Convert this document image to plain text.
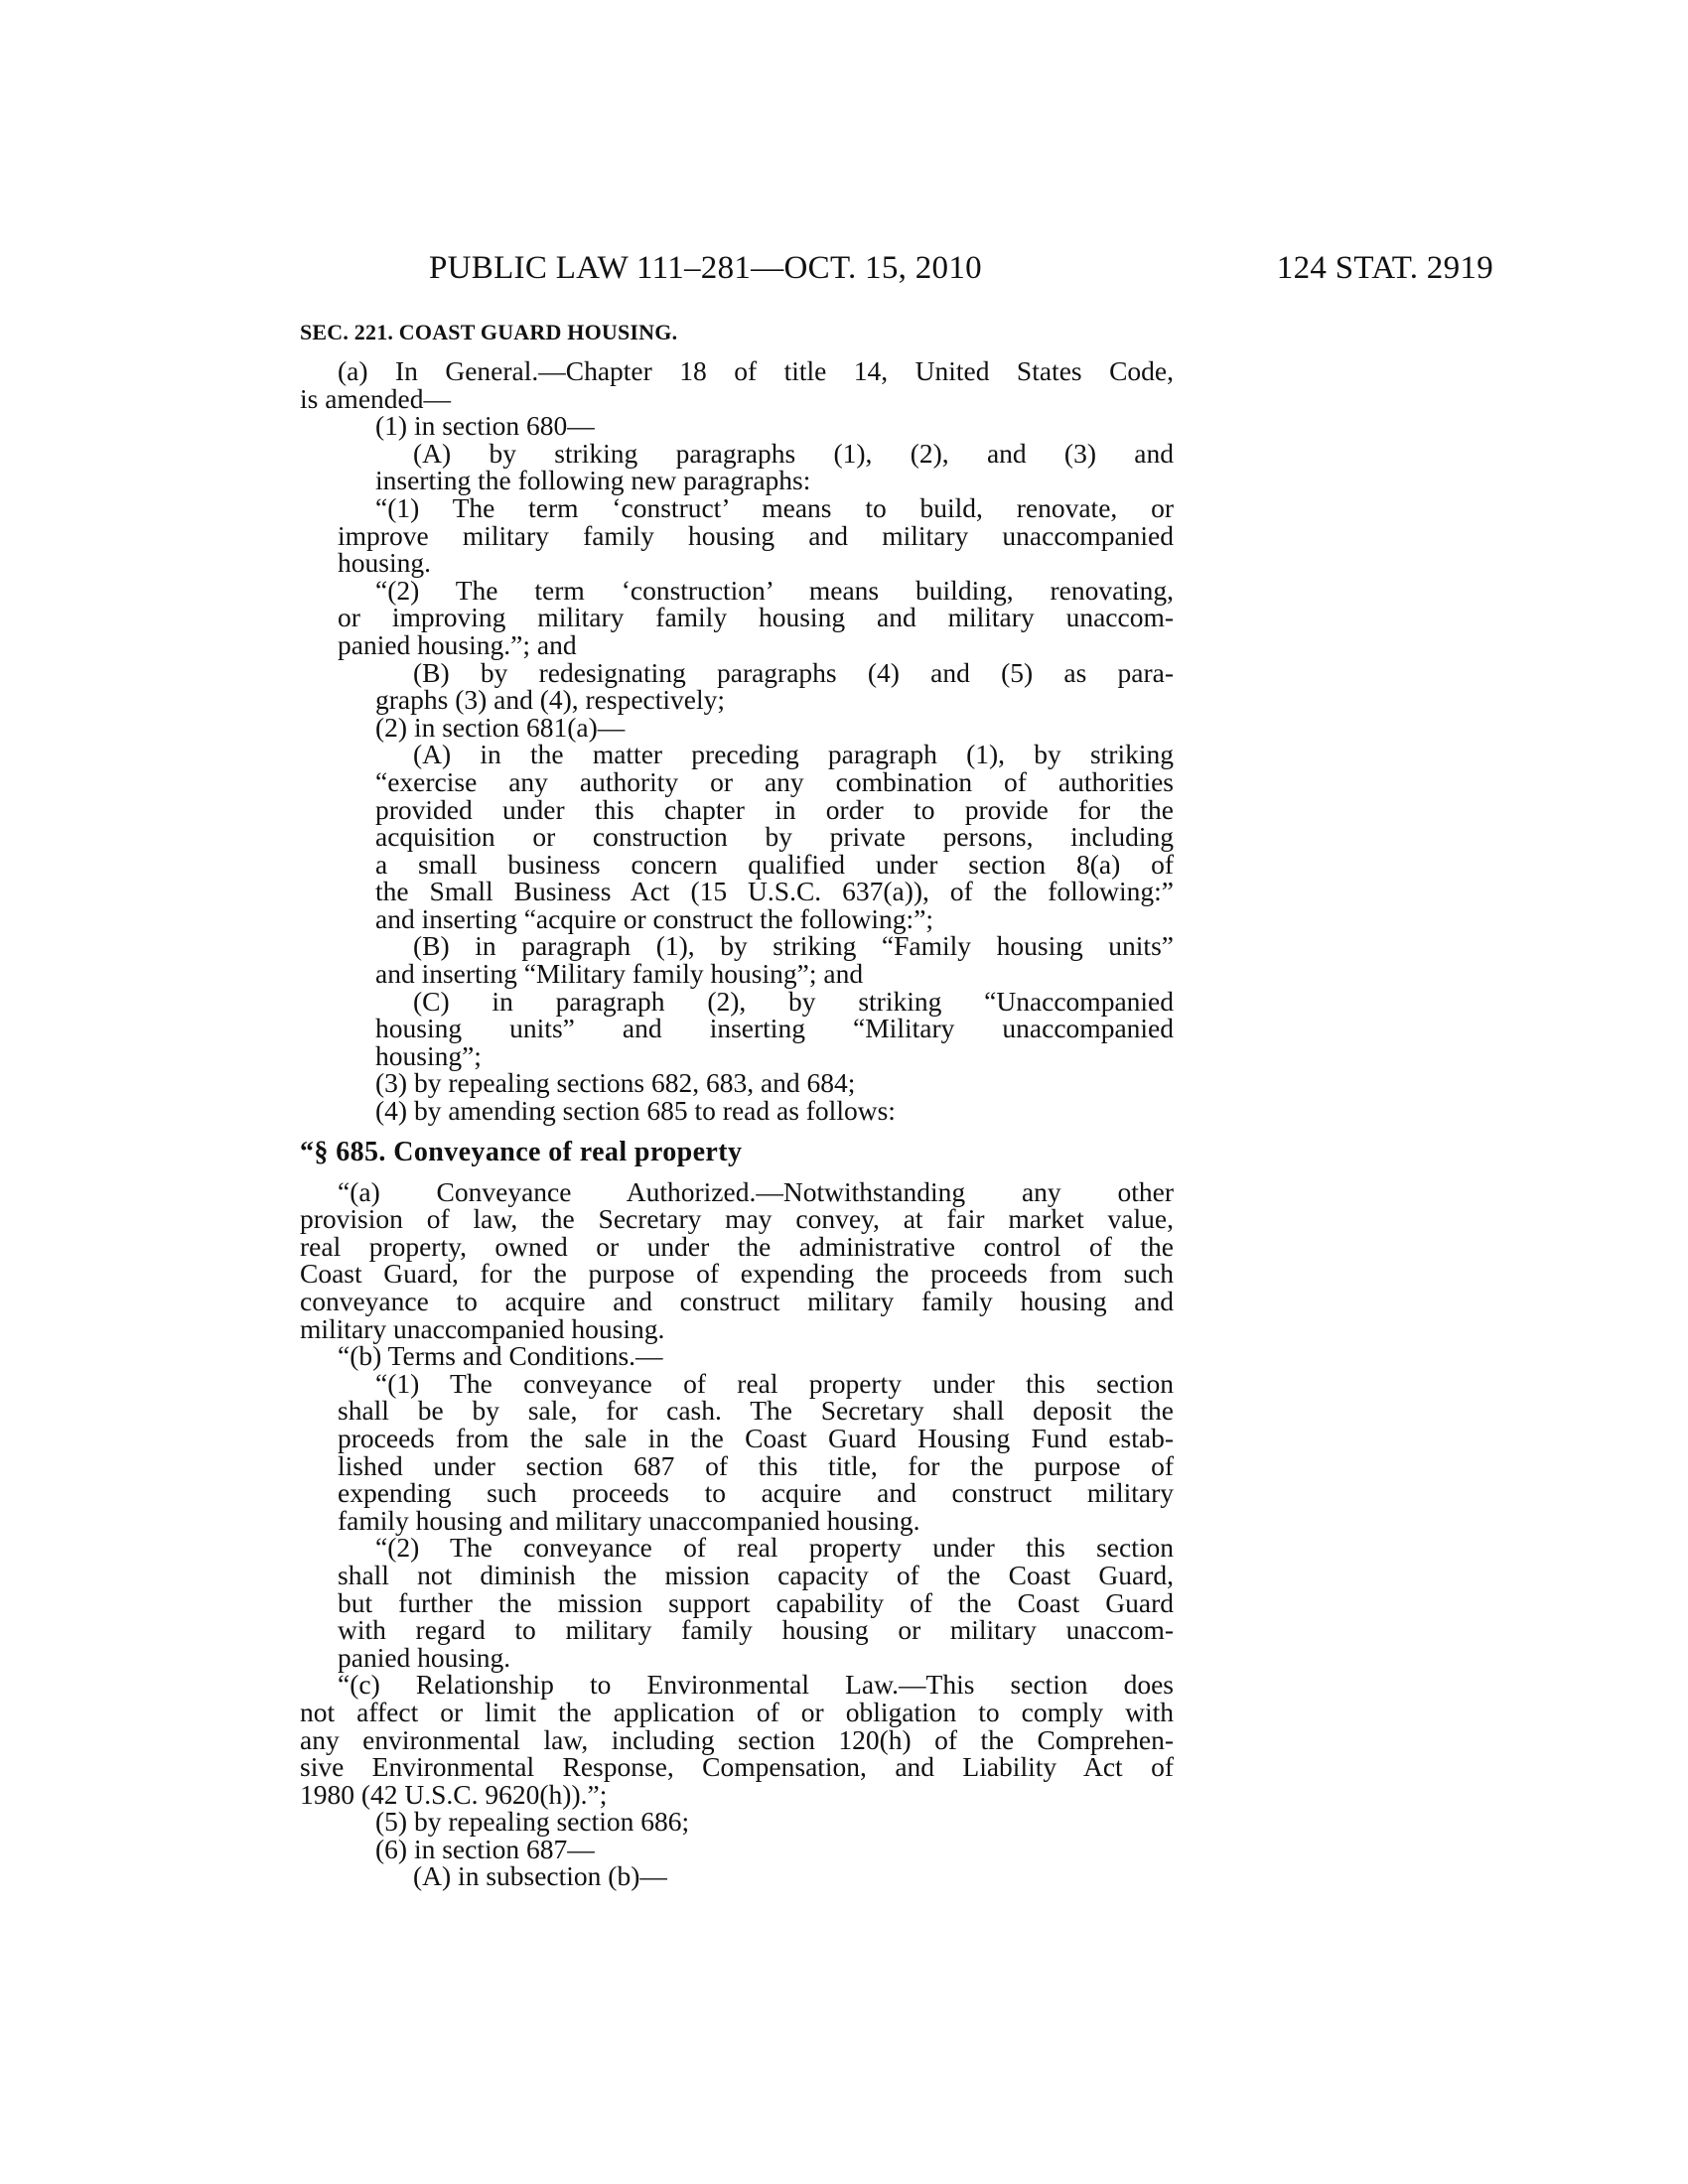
PUBLIC LAW 111–281—OCT. 15, 2010	124 STAT. 2919
SEC. 221. COAST GUARD HOUSING.
(a) In General.—Chapter 18 of title 14, United States Code,
is amended—
(1) in section 680—
(A) by striking paragraphs (1), (2), and (3) and
inserting the following new paragraphs:
“(1) The term ‘construct’ means to build, renovate, or
improve military family housing and military unaccompanied
housing.
“(2) The term ‘construction’ means building, renovating,
or improving military family housing and military unaccom-
panied housing.”; and
(B) by redesignating paragraphs (4) and (5) as para-
graphs (3) and (4), respectively;
(2) in section 681(a)—
(A) in the matter preceding paragraph (1), by striking
“exercise any authority or any combination of authorities
provided under this chapter in order to provide for the
acquisition or construction by private persons, including
a small business concern qualified under section 8(a) of
the Small Business Act (15 U.S.C. 637(a)), of the following:”
and inserting “acquire or construct the following:”;
(B) in paragraph (1), by striking “Family housing units”
and inserting “Military family housing”; and
(C) in paragraph (2), by striking “Unaccompanied
housing units” and inserting “Military unaccompanied
housing”;
(3) by repealing sections 682, 683, and 684;
(4) by amending section 685 to read as follows:
“§ 685. Conveyance of real property
“(a) Conveyance Authorized.—Notwithstanding any other
provision of law, the Secretary may convey, at fair market value,
real property, owned or under the administrative control of the
Coast Guard, for the purpose of expending the proceeds from such
conveyance to acquire and construct military family housing and
military unaccompanied housing.
“(b) Terms and Conditions.—
“(1) The conveyance of real property under this section
shall be by sale, for cash. The Secretary shall deposit the
proceeds from the sale in the Coast Guard Housing Fund estab-
lished under section 687 of this title, for the purpose of
expending such proceeds to acquire and construct military
family housing and military unaccompanied housing.
“(2) The conveyance of real property under this section
shall not diminish the mission capacity of the Coast Guard,
but further the mission support capability of the Coast Guard
with regard to military family housing or military unaccom-
panied housing.
“(c) Relationship to Environmental Law.—This section does
not affect or limit the application of or obligation to comply with
any environmental law, including section 120(h) of the Comprehen-
sive Environmental Response, Compensation, and Liability Act of
1980 (42 U.S.C. 9620(h)).”;
(5) by repealing section 686;
(6) in section 687—
(A) in subsection (b)—
